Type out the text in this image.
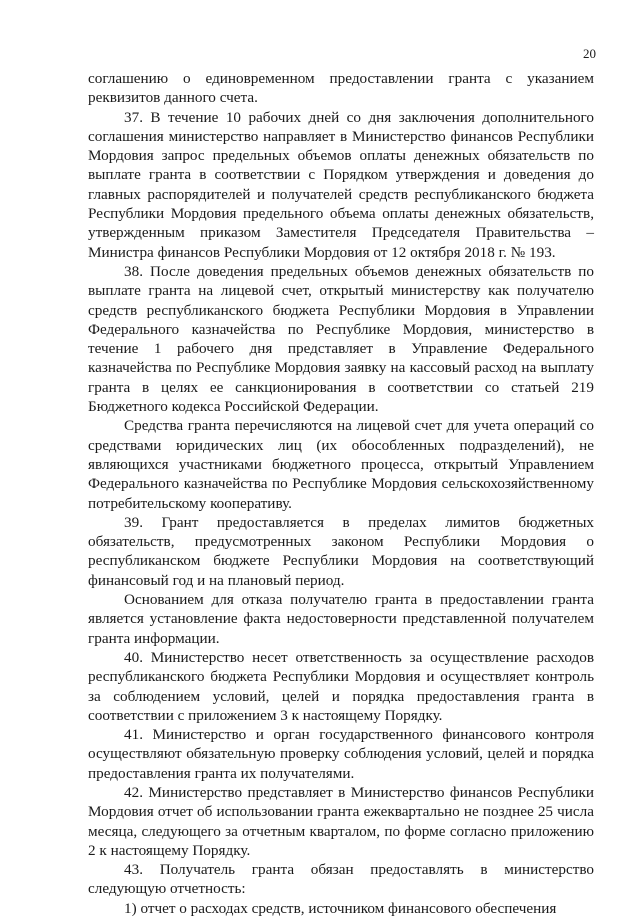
20

соглашению о единовременном предоставлении гранта с указанием реквизитов данного счета.

37. В течение 10 рабочих дней со дня заключения дополнительного соглашения министерство направляет в Министерство финансов Республики Мордовия запрос предельных объемов оплаты денежных обязательств по выплате гранта в соответствии с Порядком утверждения и доведения до главных распорядителей и получателей средств республиканского бюджета Республики Мордовия предельного объема оплаты денежных обязательств, утвержденным приказом Заместителя Председателя Правительства – Министра финансов Республики Мордовия от 12 октября 2018 г. № 193.

38. После доведения предельных объемов денежных обязательств по выплате гранта на лицевой счет, открытый министерству как получателю средств республиканского бюджета Республики Мордовия в Управлении Федерального казначейства по Республике Мордовия, министерство в течение 1 рабочего дня представляет в Управление Федерального казначейства по Республике Мордовия заявку на кассовый расход на выплату гранта в целях ее санкционирования в соответствии со статьей 219 Бюджетного кодекса Российской Федерации.

Средства гранта перечисляются на лицевой счет для учета операций со средствами юридических лиц (их обособленных подразделений), не являющихся участниками бюджетного процесса, открытый Управлением Федерального казначейства по Республике Мордовия сельскохозяйственному потребительскому кооперативу.

39. Грант предоставляется в пределах лимитов бюджетных обязательств, предусмотренных законом Республики Мордовия о республиканском бюджете Республики Мордовия на соответствующий финансовый год и на плановый период.

Основанием для отказа получателю гранта в предоставлении гранта является установление факта недостоверности представленной получателем гранта информации.

40. Министерство несет ответственность за осуществление расходов республиканского бюджета Республики Мордовия и осуществляет контроль за соблюдением условий, целей и порядка предоставления гранта в соответствии с приложением 3 к настоящему Порядку.

41. Министерство и орган государственного финансового контроля осуществляют обязательную проверку соблюдения условий, целей и порядка предоставления гранта их получателями.

42. Министерство представляет в Министерство финансов Республики Мордовия отчет об использовании гранта ежеквартально не позднее 25 числа месяца, следующего за отчетным кварталом, по форме согласно приложению 2 к настоящему Порядку.

43. Получатель гранта обязан предоставлять в министерство следующую отчетность:

1) отчет о расходах средств, источником финансового обеспечения
